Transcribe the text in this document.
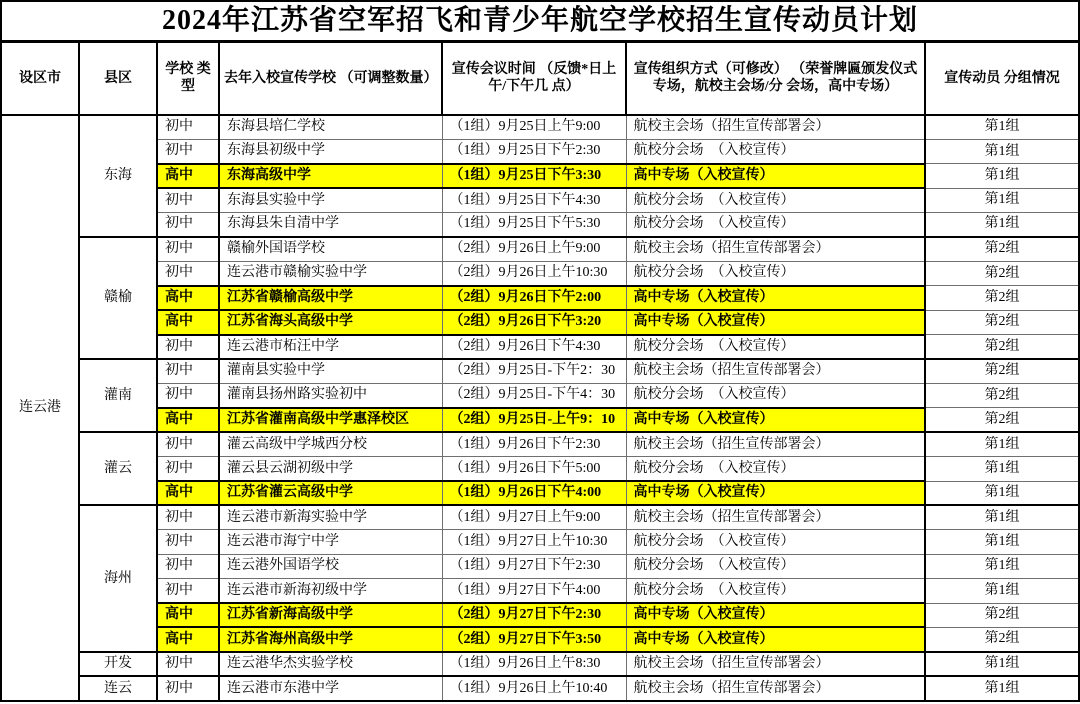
2024年江苏省空军招飞和青少年航空学校招生宣传动员计划						
设区市	县区	学校 类型	去年入校宣传学校 （可调整数量）	宣传会议时间 （反馈*日上午/下午几 点）	宣传组织方式（可修改） （荣誉牌匾颁发仪式专场，航校主会场/分 会场，高中专场）	宣传动员 分组情况
连云港	东海	初中	东海县培仁学校	（1组）9月25日上午9:00	航校主会场（招生宣传部署会）	第1组
		初中	东海县初级中学	（1组）9月25日下午2:30	航校分会场　（入校宣传）	第1组
		高中	东海高级中学	（1组）9月25日下午3:30	高中专场（入校宣传）	第1组
		初中	东海县实验中学	（1组）9月25日下午4:30	航校分会场　（入校宣传）	第1组
		初中	东海县朱自清中学	（1组）9月25日下午5:30	航校分会场　（入校宣传）	第1组
	赣榆	初中	赣榆外国语学校	（2组）9月26日上午9:00	航校主会场（招生宣传部署会）	第2组
		初中	连云港市赣榆实验中学	（2组）9月26日上午10:30	航校分会场　（入校宣传）	第2组
		高中	江苏省赣榆高级中学	（2组）9月26日下午2:00	高中专场（入校宣传）	第2组
		高中	江苏省海头高级中学	（2组）9月26日下午3:20	高中专场（入校宣传）	第2组
		初中	连云港市柘汪中学	（2组）9月26日下午4:30	航校分会场　（入校宣传）	第2组
	灌南	初中	灌南县实验中学	（2组）9月25日-下午2：30	航校主会场（招生宣传部署会）	第2组
		初中	灌南县扬州路实验初中	（2组）9月25日-下午4：30	航校分会场　（入校宣传）	第2组
		高中	江苏省灌南高级中学惠泽校区	（2组）9月25日-上午9：10	高中专场（入校宣传）	第2组
	灌云	初中	灌云高级中学城西分校	（1组）9月26日下午2:30	航校主会场（招生宣传部署会）	第1组
		初中	灌云县云湖初级中学	（1组）9月26日下午5:00	航校分会场　（入校宣传）	第1组
		高中	江苏省灌云高级中学	（1组）9月26日下午4:00	高中专场（入校宣传）	第1组
	海州	初中	连云港市新海实验中学	（1组）9月27日上午9:00	航校主会场（招生宣传部署会）	第1组
		初中	连云港市海宁中学	（1组）9月27日上午10:30	航校分会场　（入校宣传）	第1组
		初中	连云港外国语学校	（1组）9月27日下午2:30	航校分会场　（入校宣传）	第1组
		初中	连云港市新海初级中学	（1组）9月27日下午4:00	航校分会场　（入校宣传）	第1组
		高中	江苏省新海高级中学	（2组）9月27日下午2:30	高中专场（入校宣传）	第2组
		高中	江苏省海州高级中学	（2组）9月27日下午3:50	高中专场（入校宣传）	第2组
	开发	初中	连云港华杰实验学校	（1组）9月26日上午8:30	航校主会场（招生宣传部署会）	第1组
	连云	初中	连云港市东港中学	（1组）9月26日上午10:40	航校主会场（招生宣传部署会）	第1组
